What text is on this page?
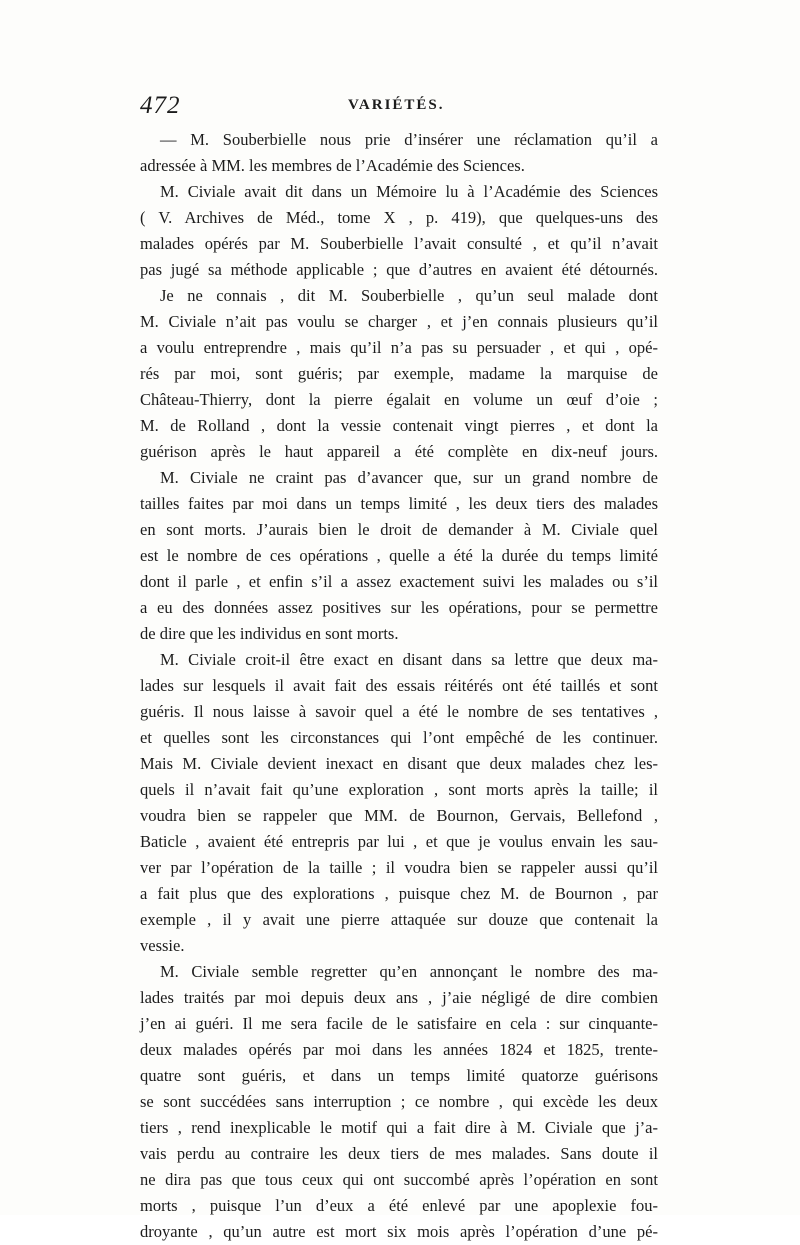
472	VARIÉTÉS.
— M. Souberbielle nous prie d’insérer une réclamation qu’il a
adressée à MM. les membres de l’Académie des Sciences.
M. Civiale avait dit dans un Mémoire lu à l’Académie des Sciences
( V. Archives de Méd., tome X , p. 419), que quelques-uns des
malades opérés par M. Souberbielle l’avait consulté , et qu’il n’avait
pas jugé sa méthode applicable ; que d’autres en avaient été détournés.
Je ne connais , dit M. Souberbielle , qu’un seul malade dont
M. Civiale n’ait pas voulu se charger , et j’en connais plusieurs qu’il
a voulu entreprendre , mais qu’il n’a pas su persuader , et qui , opé-
rés par moi, sont guéris; par exemple, madame la marquise de
Château-Thierry, dont la pierre égalait en volume un œuf d’oie ;
M. de Rolland , dont la vessie contenait vingt pierres , et dont la
guérison après le haut appareil a été complète en dix-neuf jours.
M. Civiale ne craint pas d’avancer que, sur un grand nombre de
tailles faites par moi dans un temps limité , les deux tiers des malades
en sont morts. J’aurais bien le droit de demander à M. Civiale quel
est le nombre de ces opérations , quelle a été la durée du temps limité
dont il parle , et enfin s’il a assez exactement suivi les malades ou s’il
a eu des données assez positives sur les opérations, pour se permettre
de dire que les individus en sont morts.
M. Civiale croit-il être exact en disant dans sa lettre que deux ma-
lades sur lesquels il avait fait des essais réitérés ont été taillés et sont
guéris. Il nous laisse à savoir quel a été le nombre de ses tentatives ,
et quelles sont les circonstances qui l’ont empêché de les continuer.
Mais M. Civiale devient inexact en disant que deux malades chez les-
quels il n’avait fait qu’une exploration , sont morts après la taille; il
voudra bien se rappeler que MM. de Bournon, Gervais, Bellefond ,
Baticle , avaient été entrepris par lui , et que je voulus envain les sau-
ver par l’opération de la taille ; il voudra bien se rappeler aussi qu’il
a fait plus que des explorations , puisque chez M. de Bournon , par
exemple , il y avait une pierre attaquée sur douze que contenait la
vessie.
M. Civiale semble regretter qu’en annonçant le nombre des ma-
lades traités par moi depuis deux ans , j’aie négligé de dire combien
j’en ai guéri. Il me sera facile de le satisfaire en cela : sur cinquante-
deux malades opérés par moi dans les années 1824 et 1825, trente-
quatre sont guéris, et dans un temps limité quatorze guérisons
se sont succédées sans interruption ; ce nombre , qui excède les deux
tiers , rend inexplicable le motif qui a fait dire à M. Civiale que j’a-
vais perdu au contraire les deux tiers de mes malades. Sans doute il
ne dira pas que tous ceux qui ont succombé après l’opération en sont
morts , puisque l’un d’eux a été enlevé par une apoplexie fou-
droyante , qu’un autre est mort six mois après l’opération d’une pé-
